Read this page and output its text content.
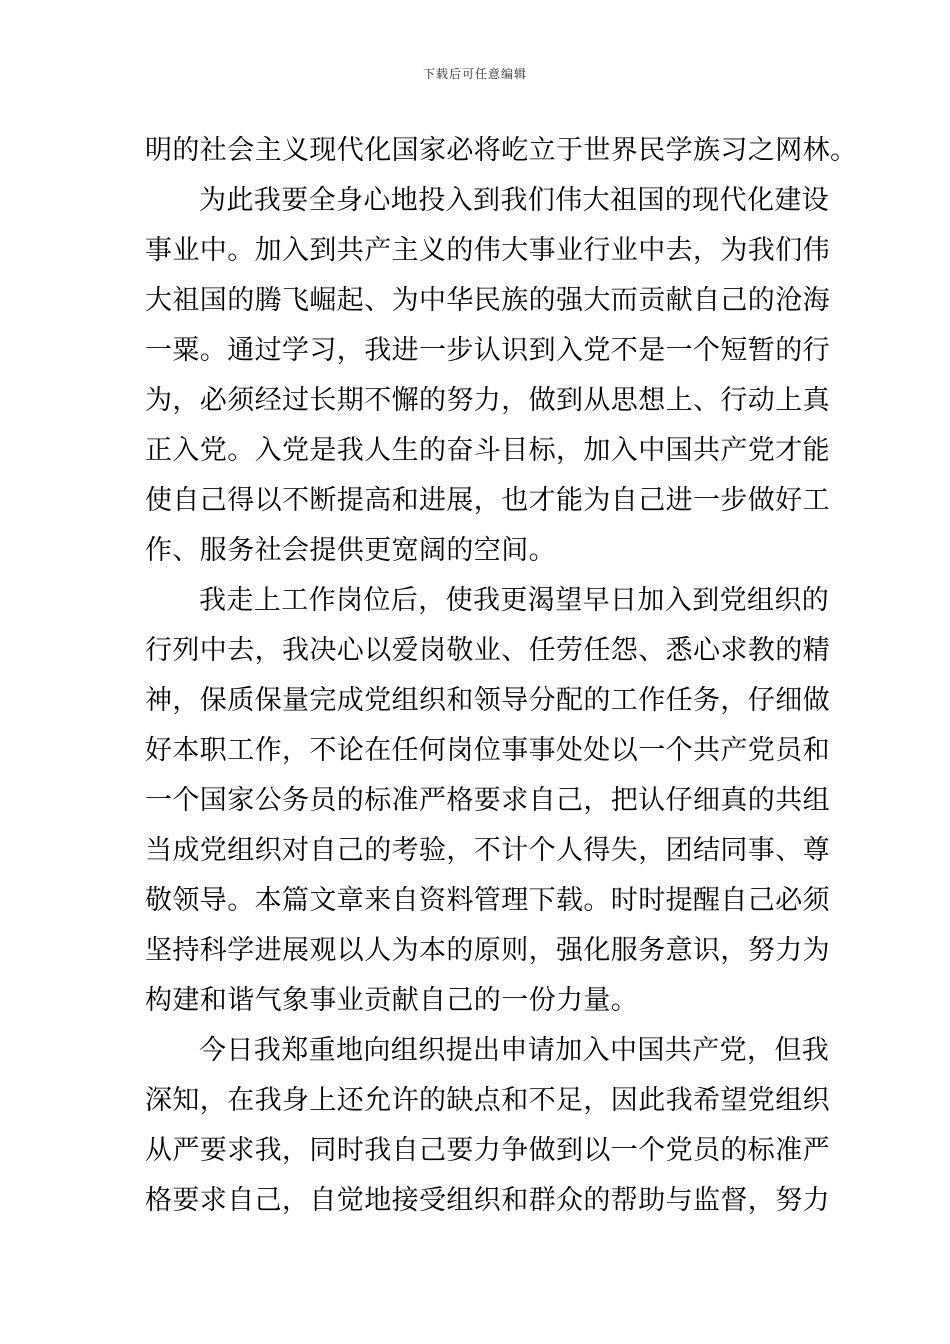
下载后可任意编辑
明的社会主义现代化国家必将屹立于世界民学族习之网林。
为此我要全身心地投入到我们伟大祖国的现代化建设
事业中。加入到共产主义的伟大事业行业中去，为我们伟
大祖国的腾飞崛起、为中华民族的强大而贡献自己的沧海
一粟。通过学习，我进一步认识到入党不是一个短暂的行
为，必须经过长期不懈的努力，做到从思想上、行动上真
正入党。入党是我人生的奋斗目标，加入中国共产党才能
使自己得以不断提高和进展，也才能为自己进一步做好工
作、服务社会提供更宽阔的空间。
我走上工作岗位后，使我更渴望早日加入到党组织的
行列中去，我决心以爱岗敬业、任劳任怨、悉心求教的精
神，保质保量完成党组织和领导分配的工作任务，仔细做
好本职工作，不论在任何岗位事事处处以一个共产党员和
一个国家公务员的标准严格要求自己，把认仔细真的共组
当成党组织对自己的考验，不计个人得失，团结同事、尊
敬领导。本篇文章来自资料管理下载。时时提醒自己必须
坚持科学进展观以人为本的原则，强化服务意识，努力为
构建和谐气象事业贡献自己的一份力量。
今日我郑重地向组织提出申请加入中国共产党，但我
深知，在我身上还允许的缺点和不足，因此我希望党组织
从严要求我，同时我自己要力争做到以一个党员的标准严
格要求自己，自觉地接受组织和群众的帮助与监督，努力
